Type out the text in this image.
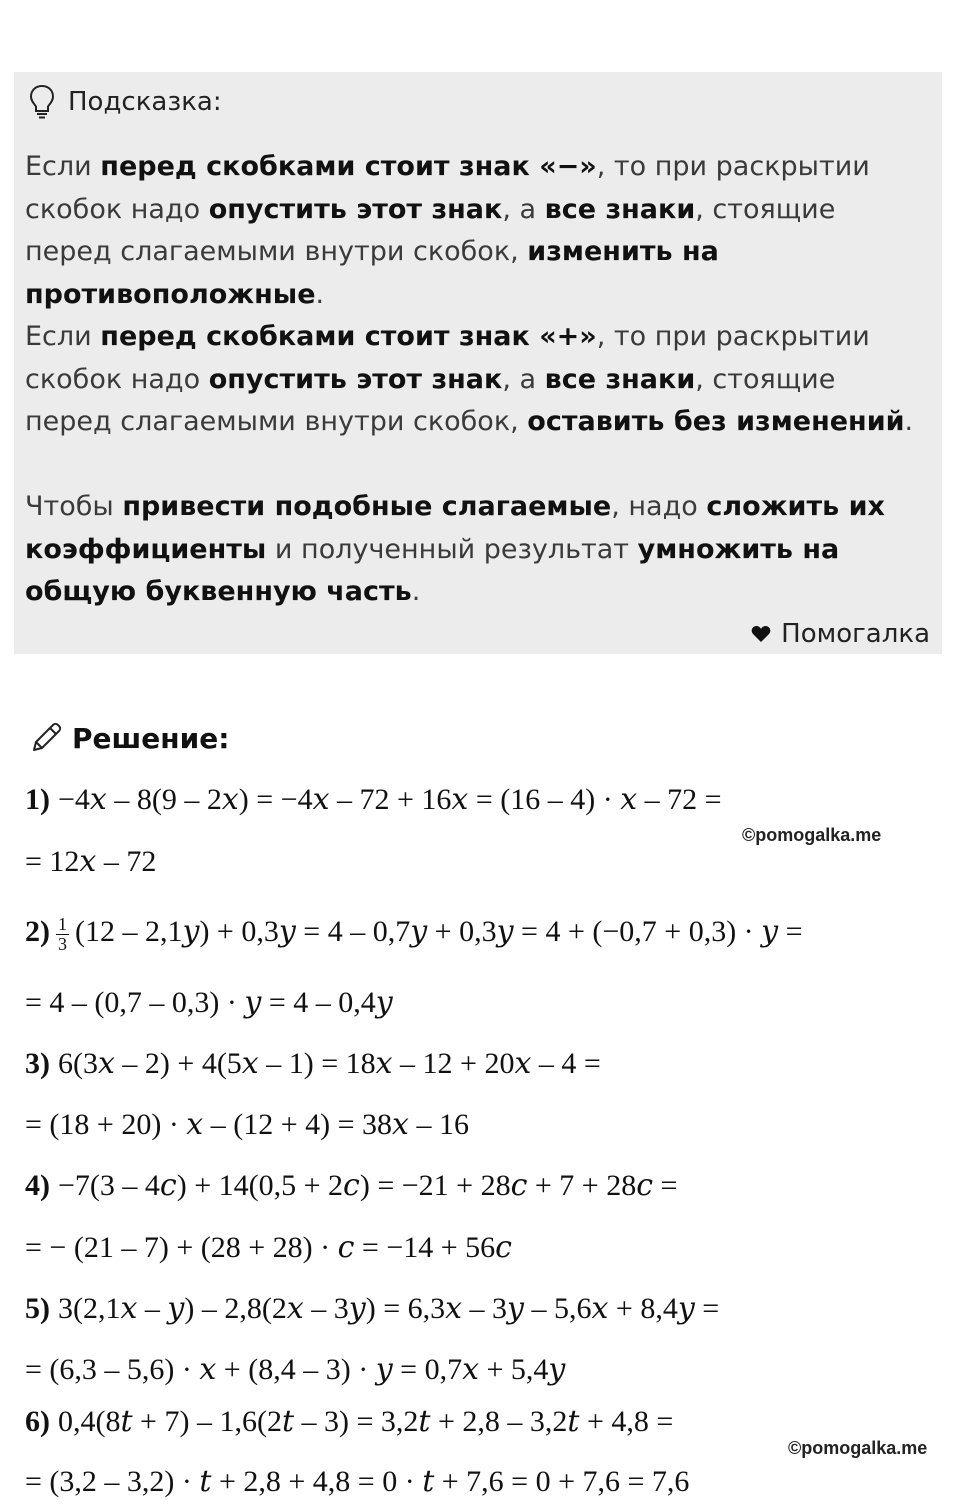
Подсказка:
Если перед скобками стоит знак «−», то при раскрытии скобок надо опустить этот знак, а все знаки, стоящие перед слагаемыми внутри скобок, изменить на противоположные.
Если перед скобками стоит знак «+», то при раскрытии скобок надо опустить этот знак, а все знаки, стоящие перед слагаемыми внутри скобок, оставить без изменений.
Чтобы привести подобные слагаемые, надо сложить их коэффициенты и полученный результат умножить на общую буквенную часть.
Помогалка
Решение:
1) −4𝑥 – 8(9 – 2𝑥) = −4𝑥 – 72 + 16𝑥 = (16 – 4) · 𝑥 – 72 =
©pomogalka.me
= 12𝑥 – 72
$2) \frac{1}{3} (12$ – 2,1𝑦) + 0,3𝑦 = 4 – 0,7𝑦 + 0,3𝑦 = 4 + (−0,7 + 0,3) · 𝑦 =
= 4 – (0,7 – 0,3) · 𝑦 = 4 – 0,4𝑦
3) 6(3𝑥 – 2) + 4(5𝑥 – 1) = 18𝑥 – 12 + 20𝑥 – 4 =
= (18 + 20) · 𝑥 – (12 + 4) = 38𝑥 – 16
4) −7(3 – 4𝑐) + 14(0,5 + 2𝑐) = −21 + 28𝑐 + 7 + 28𝑐 =
= − (21 – 7) + (28 + 28) · 𝑐 = −14 + 56𝑐
5) 3(2,1𝑥 – 𝑦) – 2,8(2𝑥 – 3𝑦) = 6,3𝑥 – 3𝑦 – 5,6𝑥 + 8,4𝑦 =
= (6,3 – 5,6) · 𝑥 + (8,4 – 3) · 𝑦 = 0,7𝑥 + 5,4𝑦
6) 0,4(8𝑡 + 7) – 1,6(2𝑡 – 3) = 3,2𝑡 + 2,8 – 3,2𝑡 + 4,8 =
©pomogalka.me
= (3,2 – 3,2) · 𝑡 + 2,8 + 4,8 = 0 · 𝑡 + 7,6 = 0 + 7,6 = 7,6
